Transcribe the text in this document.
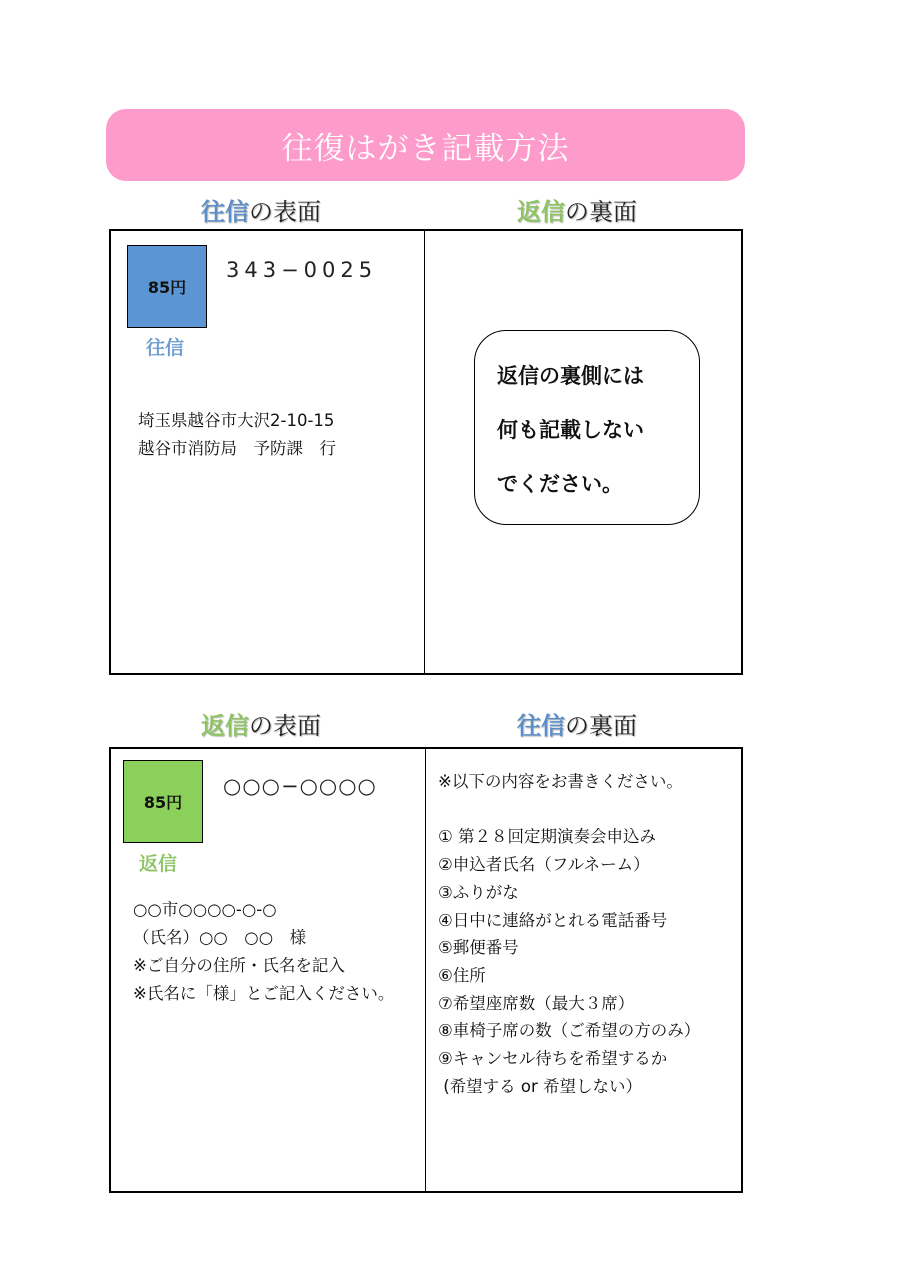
往復はがき記載方法
往信の表面	返信の裏面
85円
往信
343−0025
埼玉県越谷市大沢2-10-15
越谷市消防局　予防課　行
返信の裏側には
何も記載しない
でください。
返信の表面	往信の裏面
85円
返信
○○○−○○○○
○○市○○○○-○-○
（氏名）○○　○○　様
※ご自分の住所・氏名を記入
※氏名に「様」とご記入ください。
※以下の内容をお書きください。
① 第２８回定期演奏会申込み
②申込者氏名（フルネーム）
③ふりがな
④日中に連絡がとれる電話番号
⑤郵便番号
⑥住所
⑦希望座席数（最大３席）
⑧車椅子席の数（ご希望の方のみ）
⑨キャンセル待ちを希望するか
(希望する or 希望しない）
